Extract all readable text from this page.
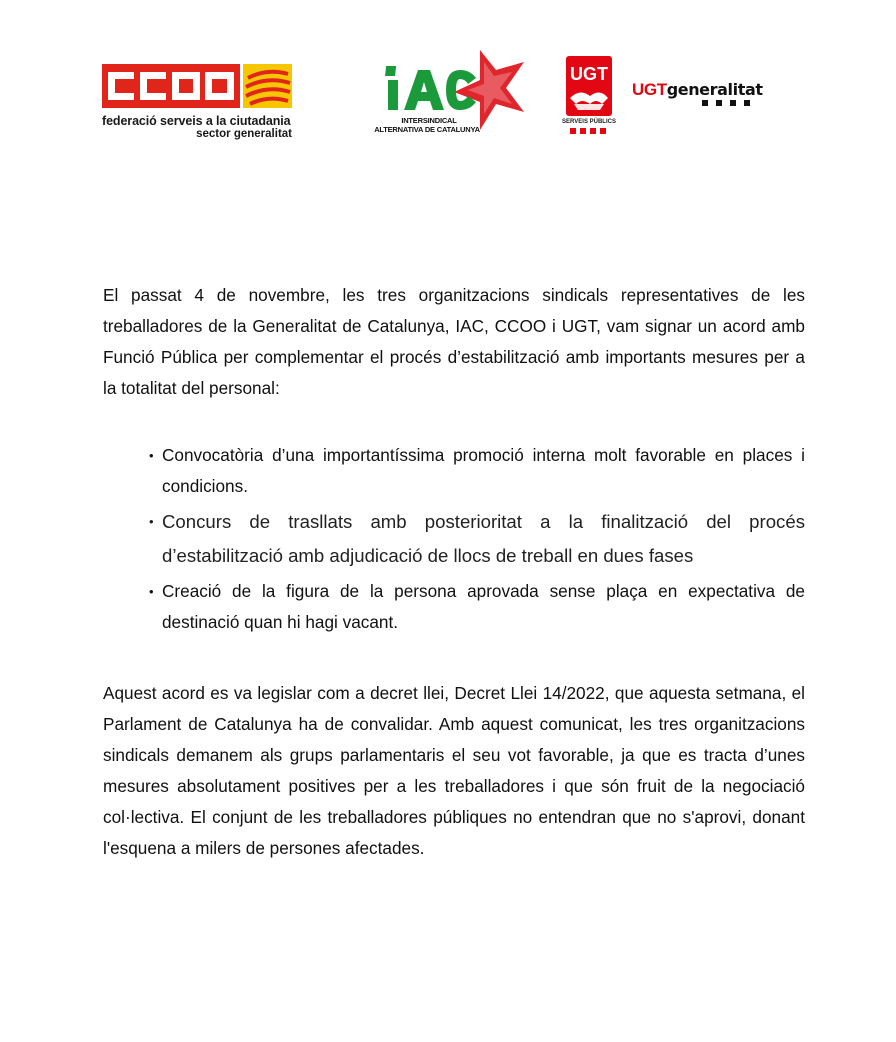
federació serveis a la ciutadania
sector generalitat
INTERSINDICAL
ALTERNATIVA DE CATALUNYA
UGT
SERVEIS PÚBLICS
UGTgeneralitat

El passat 4 de novembre, les tres organitzacions sindicals representatives de les treballadores de la Generalitat de Catalunya, IAC, CCOO i UGT, vam signar un acord amb Funció Pública per complementar el procés d’estabilització amb importants mesures per a la totalitat del personal:

• Convocatòria d’una importantíssima promoció interna molt favorable en places i condicions.
• Concurs de trasllats amb posterioritat a la finalització del procés d’estabilització amb adjudicació de llocs de treball en dues fases
• Creació de la figura de la persona aprovada sense plaça en expectativa de destinació quan hi hagi vacant.

Aquest acord es va legislar com a decret llei, Decret Llei 14/2022, que aquesta setmana, el Parlament de Catalunya ha de convalidar. Amb aquest comunicat, les tres organitzacions sindicals demanem als grups parlamentaris el seu vot favorable, ja que es tracta d’unes mesures absolutament positives per a les treballadores i que són fruit de la negociació col·lectiva. El conjunt de les treballadores públiques no entendran que no s'aprovi, donant l'esquena a milers de persones afectades.
